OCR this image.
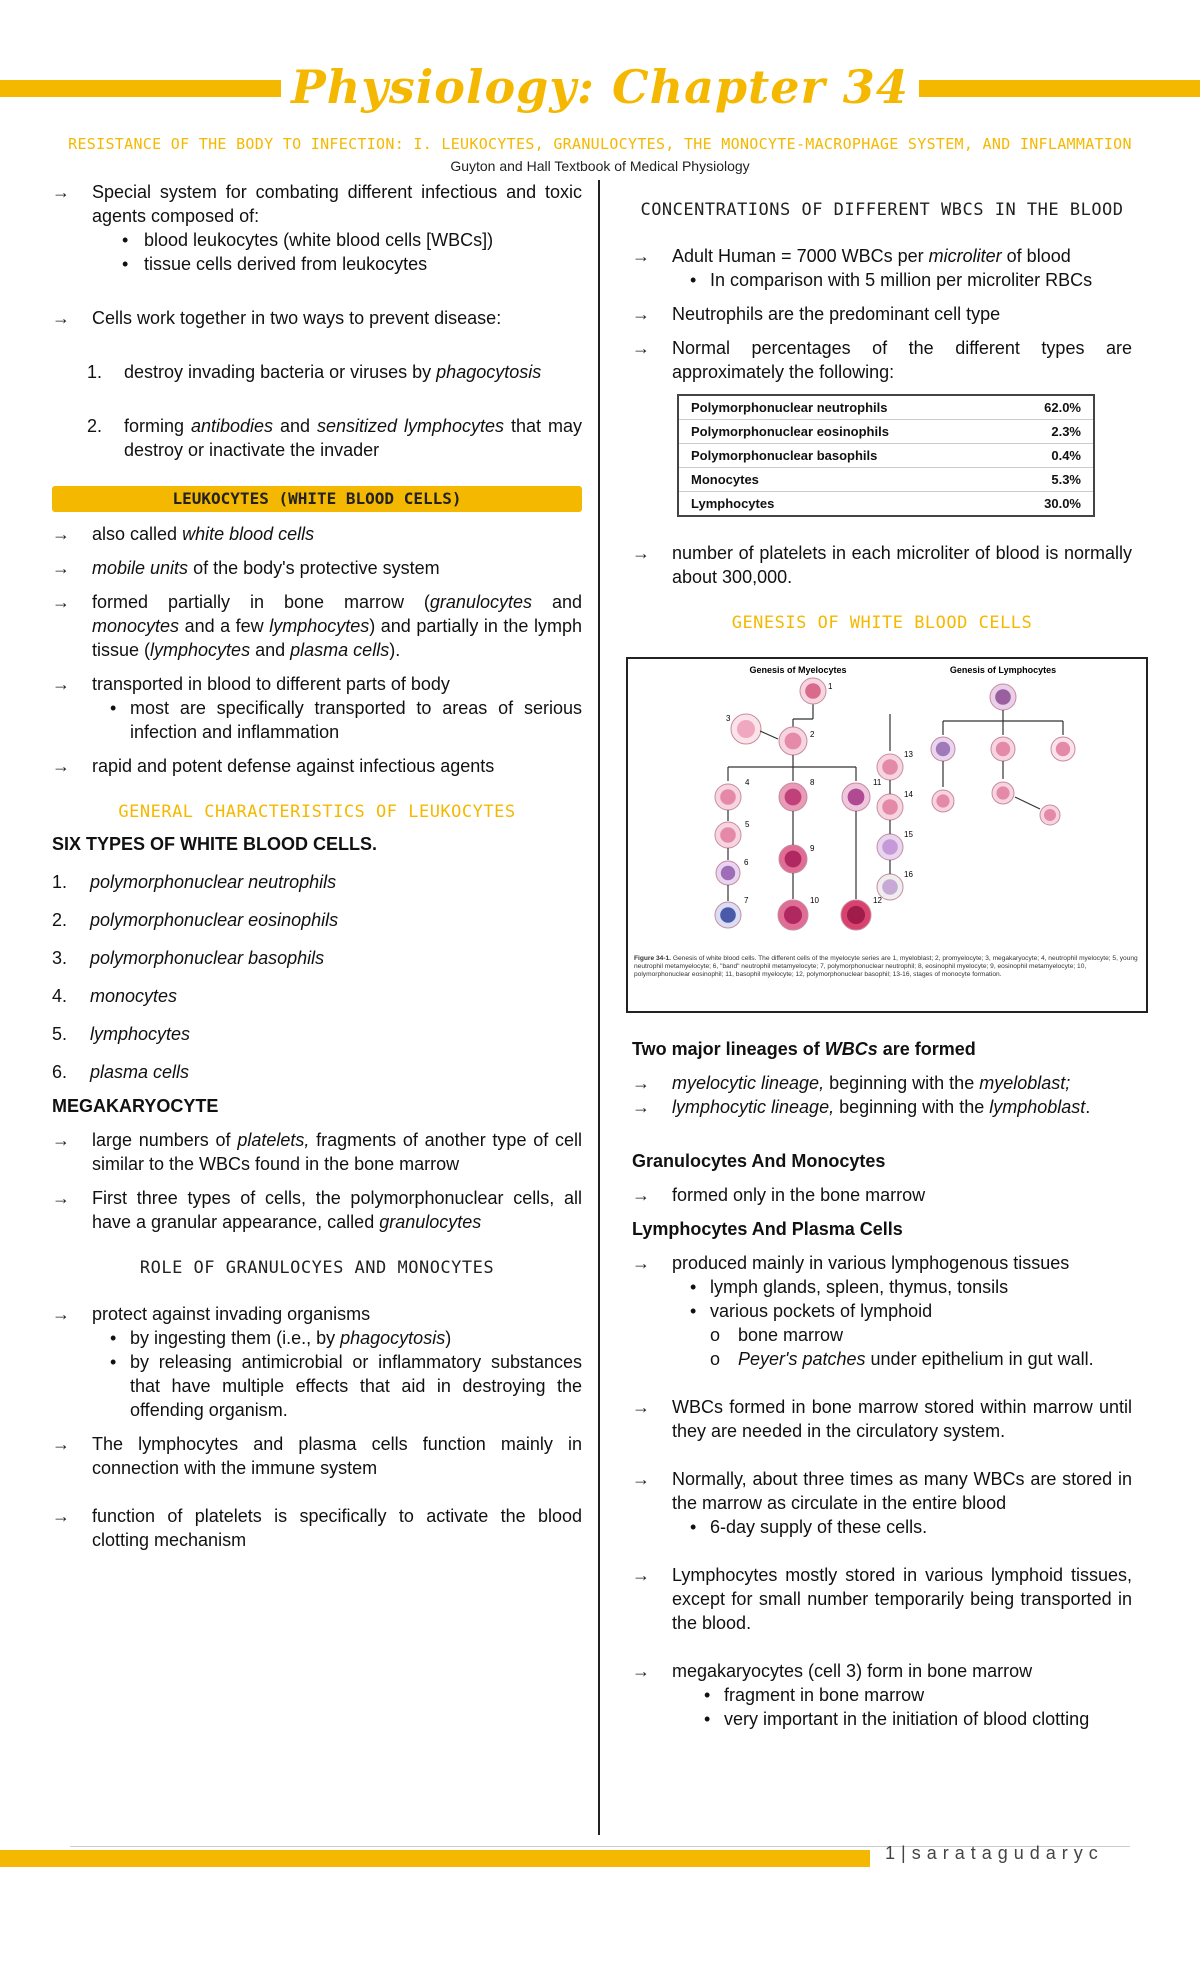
Physiology: Chapter 34
RESISTANCE OF THE BODY TO INFECTION: I. LEUKOCYTES, GRANULOCYTES, THE MONOCYTE-MACROPHAGE SYSTEM, AND INFLAMMATION
Guyton and Hall Textbook of Medical Physiology
→	Special system for combating different infectious and toxic agents composed of:
• blood leukocytes (white blood cells [WBCs])
• tissue cells derived from leukocytes
→	Cells work together in two ways to prevent disease:
1. destroy invading bacteria or viruses by phagocytosis
2. forming antibodies and sensitized lymphocytes that may destroy or inactivate the invader
LEUKOCYTES (WHITE BLOOD CELLS)
→	also called white blood cells
→	mobile units of the body's protective system
→	formed partially in bone marrow (granulocytes and monocytes and a few lymphocytes) and partially in the lymph tissue (lymphocytes and plasma cells).
→	transported in blood to different parts of body
• most are specifically transported to areas of serious infection and inflammation
→	rapid and potent defense against infectious agents
GENERAL CHARACTERISTICS OF LEUKOCYTES
SIX TYPES OF WHITE BLOOD CELLS.
1. polymorphonuclear neutrophils
2. polymorphonuclear eosinophils
3. polymorphonuclear basophils
4. monocytes
5. lymphocytes
6. plasma cells
MEGAKARYOCYTE
→	large numbers of platelets, fragments of another type of cell similar to the WBCs found in the bone marrow
→	First three types of cells, the polymorphonuclear cells, all have a granular appearance, called granulocytes
ROLE OF GRANULOCYES AND MONOCYTES
→	protect against invading organisms
• by ingesting them (i.e., by phagocytosis)
• by releasing antimicrobial or inflammatory substances that have multiple effects that aid in destroying the offending organism.
→	The lymphocytes and plasma cells function mainly in connection with the immune system
→	function of platelets is specifically to activate the blood clotting mechanism
CONCENTRATIONS OF DIFFERENT WBCS IN THE BLOOD
→	Adult Human = 7000 WBCs per microliter of blood
• In comparison with 5 million per microliter RBCs
→	Neutrophils are the predominant cell type
→	Normal percentages of the different types are approximately the following:
Polymorphonuclear neutrophils	62.0%
Polymorphonuclear eosinophils	2.3%
Polymorphonuclear basophils	0.4%
Monocytes	5.3%
Lymphocytes	30.0%
→	number of platelets in each microliter of blood is normally about 300,000.
GENESIS OF WHITE BLOOD CELLS
Genesis of Myelocytes	Genesis of Lymphocytes
1
2
3
4	8	11
5
6
7
9
10	12
13
14
15
16
Figure 34-1. Genesis of white blood cells. The different cells of the myelocyte series are 1, myeloblast; 2, promyelocyte; 3, megakaryocyte; 4, neutrophil myelocyte; 5, young neutrophil metamyelocyte; 6, "band" neutrophil metamyelocyte; 7, polymorphonuclear neutrophil; 8, eosinophil myelocyte; 9, eosinophil metamyelocyte; 10, polymorphonuclear eosinophil; 11, basophil myelocyte; 12, polymorphonuclear basophil; 13-16, stages of monocyte formation.
Two major lineages of WBCs are formed
→	myelocytic lineage, beginning with the myeloblast;
→	lymphocytic lineage, beginning with the lymphoblast.
Granulocytes And Monocytes
→	formed only in the bone marrow
Lymphocytes And Plasma Cells
→	produced mainly in various lymphogenous tissues
• lymph glands, spleen, thymus, tonsils
• various pockets of lymphoid
o bone marrow
o Peyer's patches under epithelium in gut wall.
→	WBCs formed in bone marrow stored within marrow until they are needed in the circulatory system.
→	Normally, about three times as many WBCs are stored in the marrow as circulate in the entire blood
• 6-day supply of these cells.
→	Lymphocytes mostly stored in various lymphoid tissues, except for small number temporarily being transported in the blood.
→	megakaryocytes (cell 3) form in bone marrow
• fragment in bone marrow
• very important in the initiation of blood clotting
1|saratagudaryc
